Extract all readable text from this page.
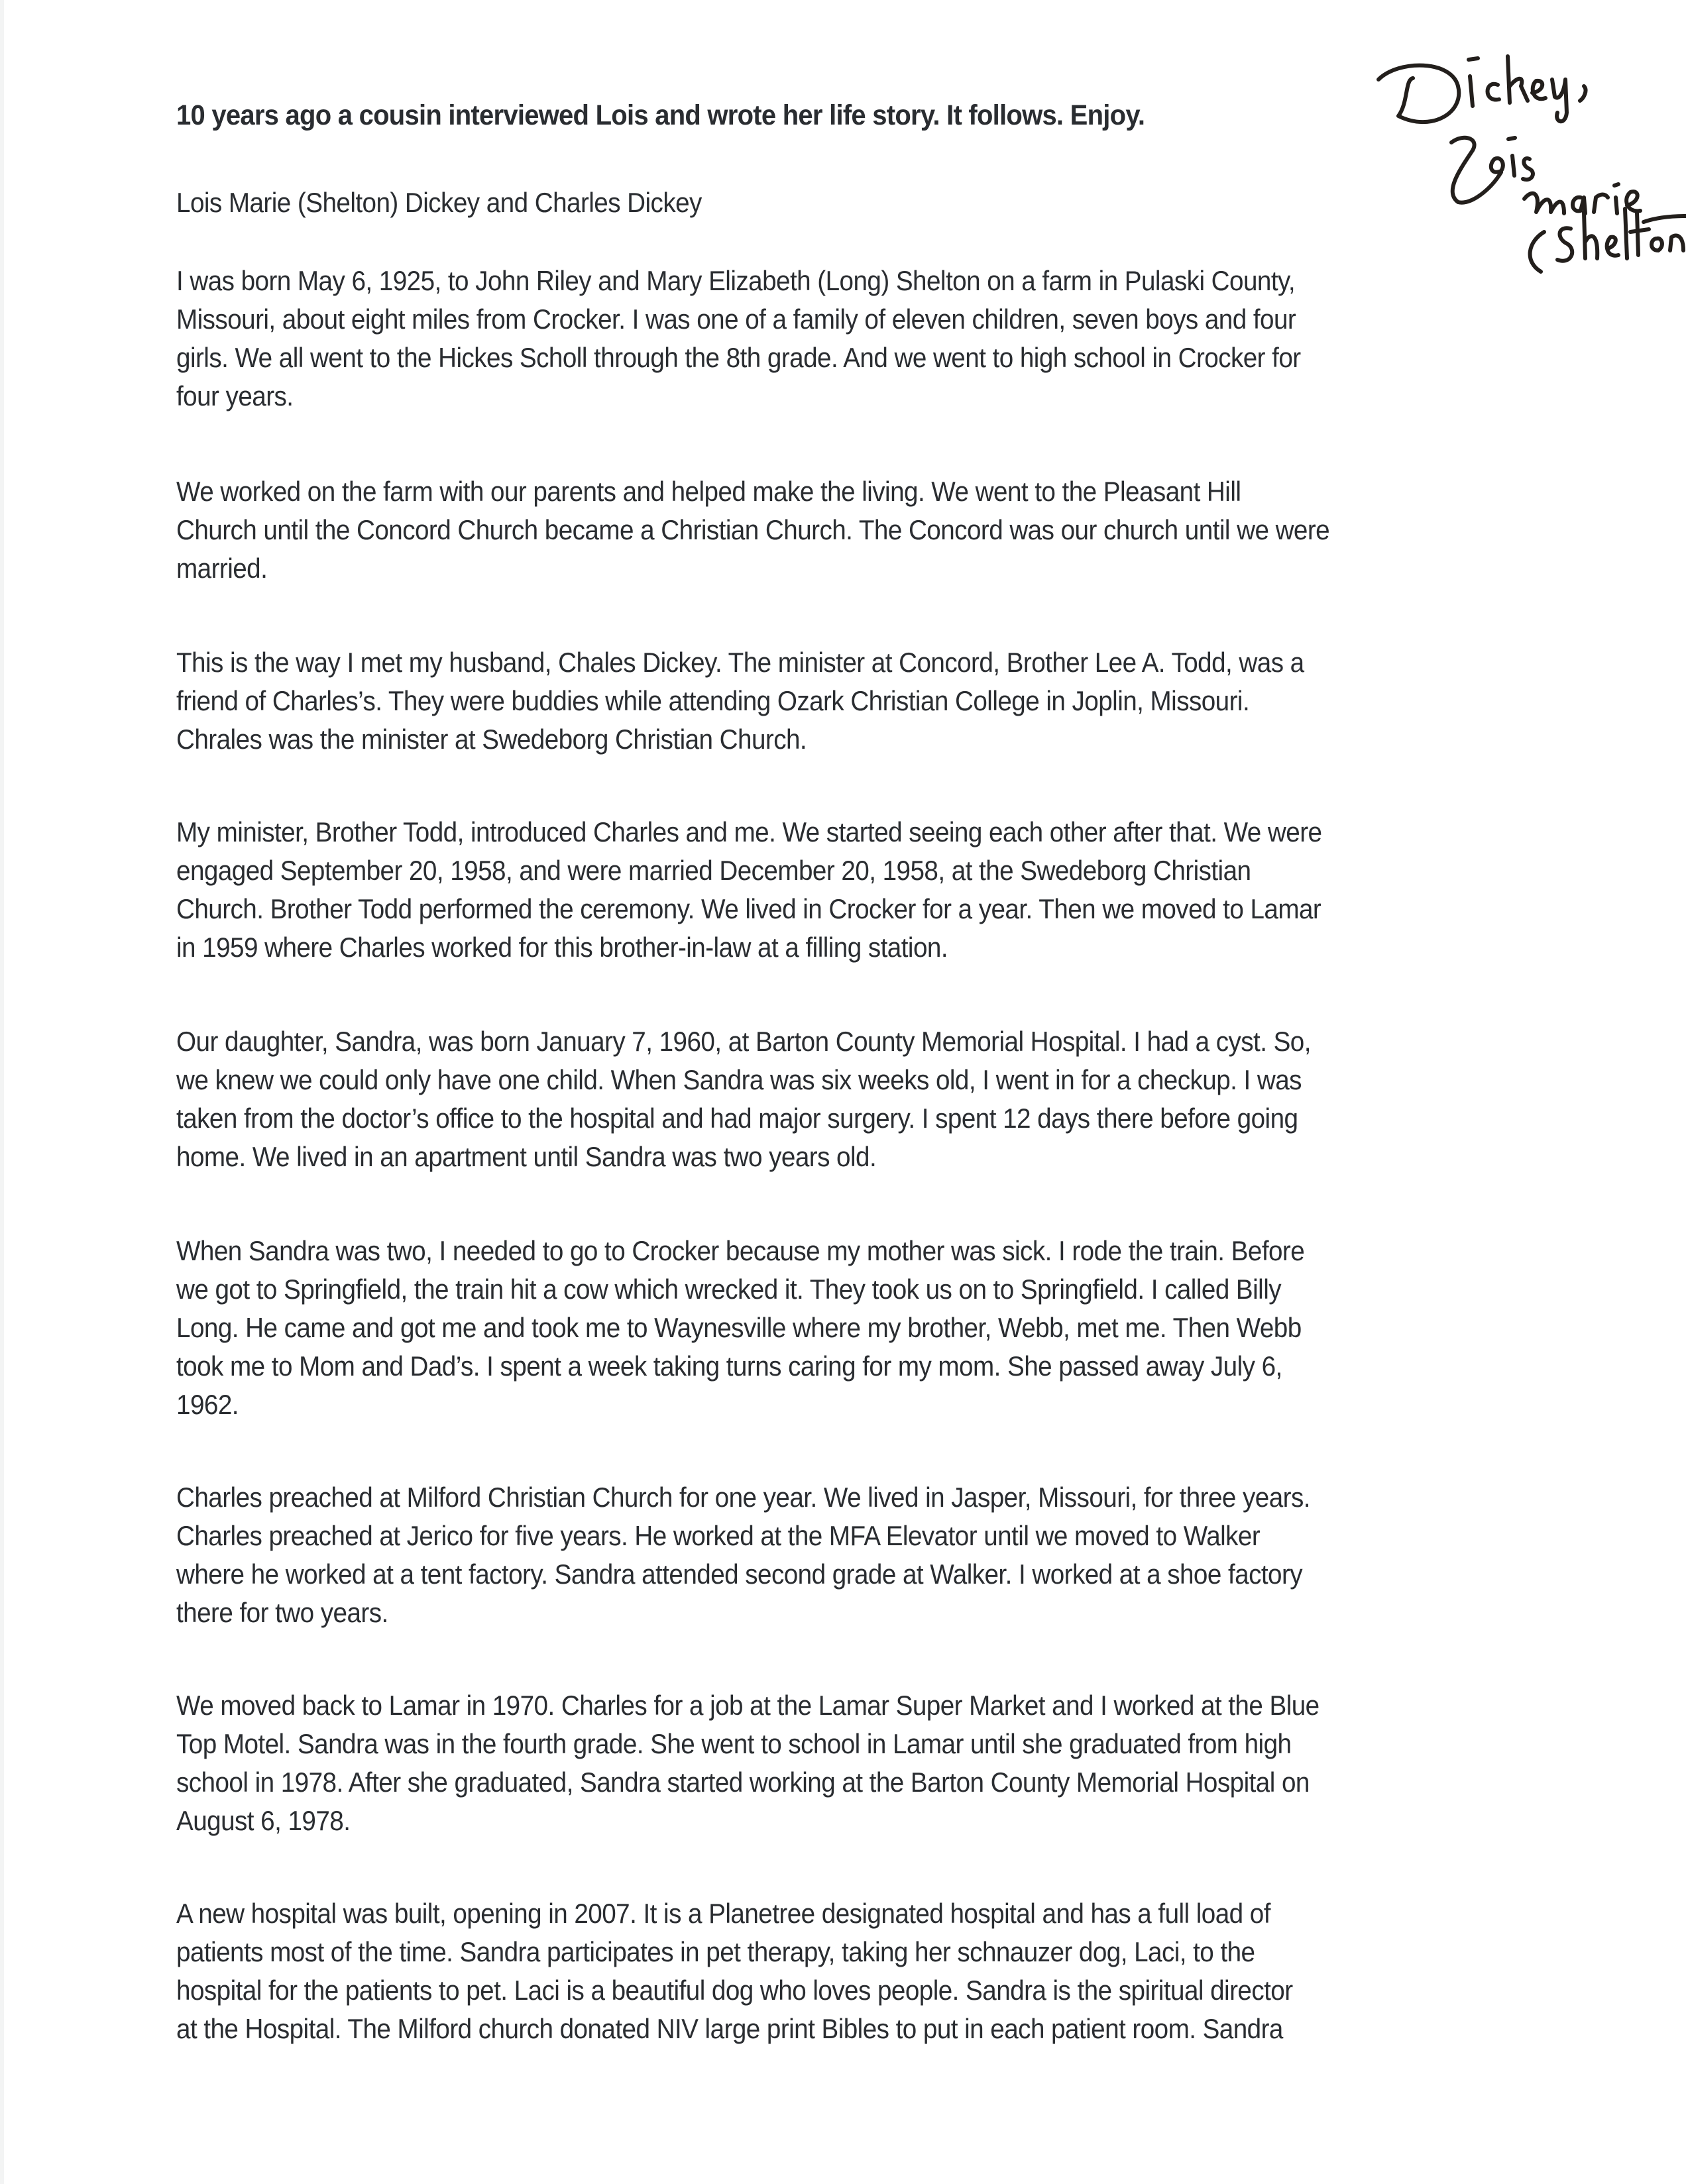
10 years ago a cousin interviewed Lois and wrote her life story. It follows. Enjoy.
Lois Marie (Shelton) Dickey and Charles Dickey
I was born May 6, 1925, to John Riley and Mary Elizabeth (Long) Shelton on a farm in Pulaski County,
Missouri, about eight miles from Crocker. I was one of a family of eleven children, seven boys and four
girls. We all went to the Hickes Scholl through the 8th grade. And we went to high school in Crocker for
four years.
We worked on the farm with our parents and helped make the living. We went to the Pleasant Hill
Church until the Concord Church became a Christian Church. The Concord was our church until we were
married.
This is the way I met my husband, Chales Dickey. The minister at Concord, Brother Lee A. Todd, was a
friend of Charles’s. They were buddies while attending Ozark Christian College in Joplin, Missouri.
Chrales was the minister at Swedeborg Christian Church.
My minister, Brother Todd, introduced Charles and me. We started seeing each other after that. We were
engaged September 20, 1958, and were married December 20, 1958, at the Swedeborg Christian
Church. Brother Todd performed the ceremony. We lived in Crocker for a year. Then we moved to Lamar
in 1959 where Charles worked for this brother-in-law at a filling station.
Our daughter, Sandra, was born January 7, 1960, at Barton County Memorial Hospital. I had a cyst. So,
we knew we could only have one child. When Sandra was six weeks old, I went in for a checkup. I was
taken from the doctor’s office to the hospital and had major surgery. I spent 12 days there before going
home. We lived in an apartment until Sandra was two years old.
When Sandra was two, I needed to go to Crocker because my mother was sick. I rode the train. Before
we got to Springfield, the train hit a cow which wrecked it. They took us on to Springfield. I called Billy
Long. He came and got me and took me to Waynesville where my brother, Webb, met me. Then Webb
took me to Mom and Dad’s. I spent a week taking turns caring for my mom. She passed away July 6,
1962.
Charles preached at Milford Christian Church for one year. We lived in Jasper, Missouri, for three years.
Charles preached at Jerico for five years. He worked at the MFA Elevator until we moved to Walker
where he worked at a tent factory. Sandra attended second grade at Walker. I worked at a shoe factory
there for two years.
We moved back to Lamar in 1970. Charles for a job at the Lamar Super Market and I worked at the Blue
Top Motel. Sandra was in the fourth grade. She went to school in Lamar until she graduated from high
school in 1978. After she graduated, Sandra started working at the Barton County Memorial Hospital on
August 6, 1978.
A new hospital was built, opening in 2007. It is a Planetree designated hospital and has a full load of
patients most of the time. Sandra participates in pet therapy, taking her schnauzer dog, Laci, to the
hospital for the patients to pet. Laci is a beautiful dog who loves people. Sandra is the spiritual director
at the Hospital. The Milford church donated NIV large print Bibles to put in each patient room. Sandra
